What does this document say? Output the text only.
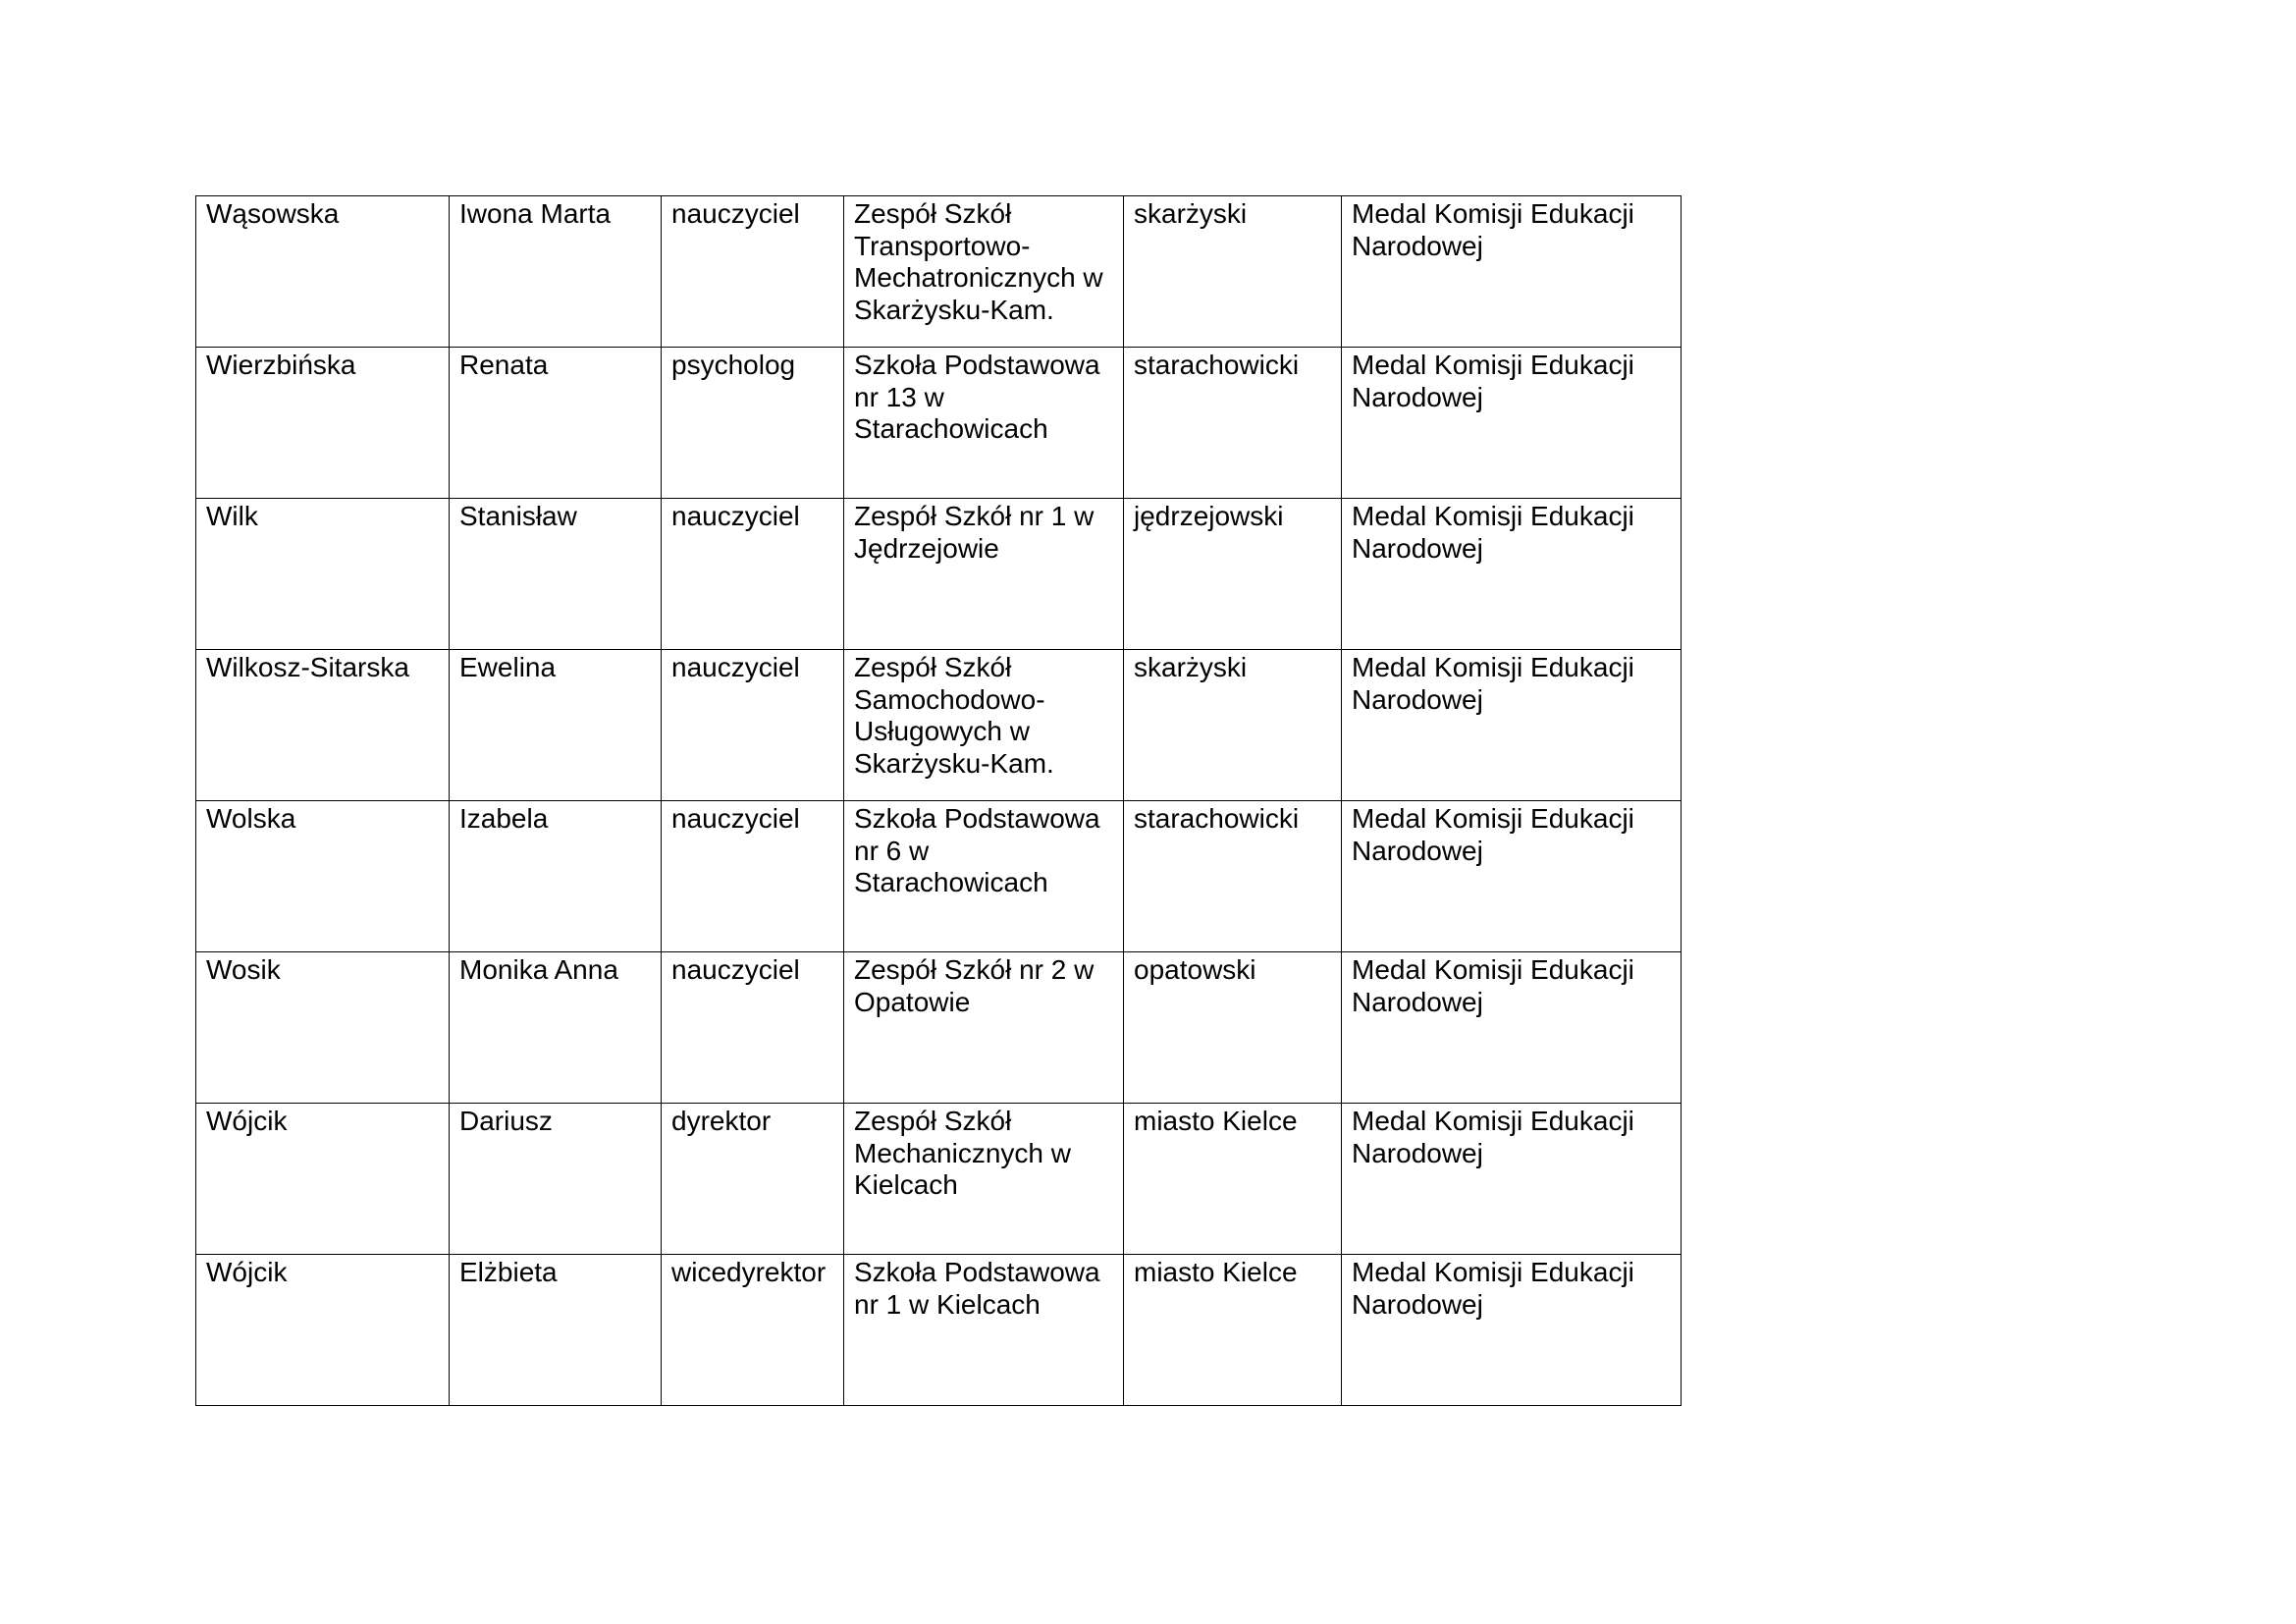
Wąsowska	Iwona Marta	nauczyciel	Zespół Szkół Transportowo-Mechatronicznych w Skarżysku-Kam.	skarżyski	Medal Komisji Edukacji Narodowej

Wierzbińska	Renata	psycholog	Szkoła Podstawowa nr 13 w Starachowicach	starachowicki	Medal Komisji Edukacji Narodowej

Wilk	Stanisław	nauczyciel	Zespół Szkół nr 1 w Jędrzejowie	jędrzejowski	Medal Komisji Edukacji Narodowej

Wilkosz-Sitarska	Ewelina	nauczyciel	Zespół Szkół Samochodowo-Usługowych w Skarżysku-Kam.	skarżyski	Medal Komisji Edukacji Narodowej

Wolska	Izabela	nauczyciel	Szkoła Podstawowa nr 6 w Starachowicach	starachowicki	Medal Komisji Edukacji Narodowej

Wosik	Monika Anna	nauczyciel	Zespół Szkół nr 2 w Opatowie	opatowski	Medal Komisji Edukacji Narodowej

Wójcik	Dariusz	dyrektor	Zespół Szkół Mechanicznych w Kielcach	miasto Kielce	Medal Komisji Edukacji Narodowej

Wójcik	Elżbieta	wicedyrektor	Szkoła Podstawowa nr 1 w Kielcach	miasto Kielce	Medal Komisji Edukacji Narodowej
